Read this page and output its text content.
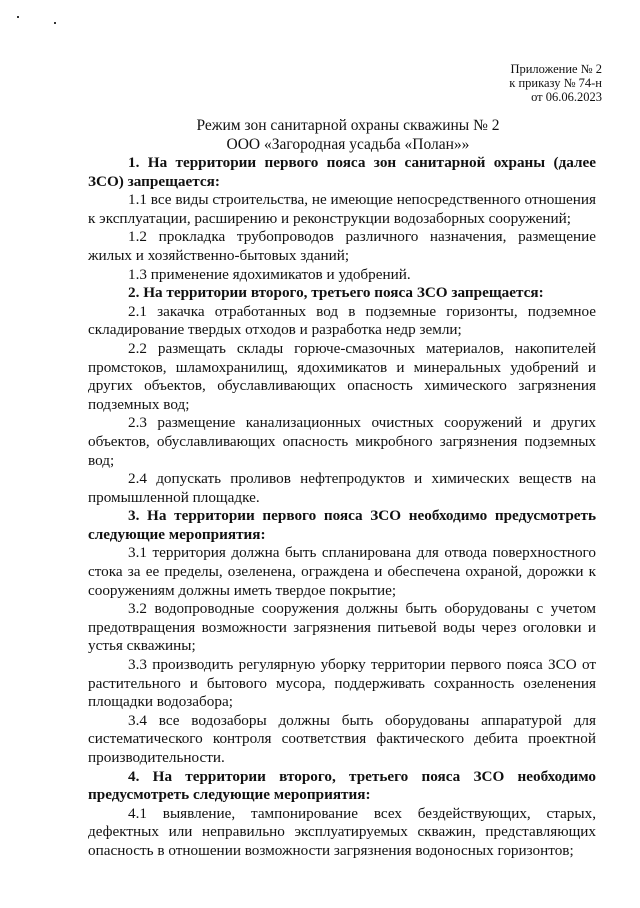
Приложение № 2
к приказу № 74-н
от 06.06.2023
Режим зон санитарной охраны скважины № 2
ООО «Загородная усадьба «Полан»»

1. На территории первого пояса зон санитарной охраны (далее ЗСО) запрещается:

1.1 все виды строительства, не имеющие непосредственного отношения к эксплуатации, расширению и реконструкции водозаборных сооружений;

1.2 прокладка трубопроводов различного назначения, размещение жилых и хозяйственно-бытовых зданий;

1.3 применение ядохимикатов и удобрений.

2. На территории второго, третьего пояса ЗСО запрещается:

2.1 закачка отработанных вод в подземные горизонты, подземное складирование твердых отходов и разработка недр земли;

2.2 размещать склады горюче-смазочных материалов, накопителей промстоков, шламохранилищ, ядохимикатов и минеральных удобрений и других объектов, обуславливающих опасность химического загрязнения подземных вод;

2.3 размещение канализационных очистных сооружений и других объектов, обуславливающих опасность микробного загрязнения подземных вод;

2.4 допускать проливов нефтепродуктов и химических веществ на промышленной площадке.

3. На территории первого пояса ЗСО необходимо предусмотреть следующие мероприятия:

3.1 территория должна быть спланирована для отвода поверхностного стока за ее пределы, озеленена, ограждена и обеспечена охраной, дорожки к сооружениям должны иметь твердое покрытие;

3.2 водопроводные сооружения должны быть оборудованы с учетом предотвращения возможности загрязнения питьевой воды через оголовки и устья скважины;

3.3 производить регулярную уборку территории первого пояса ЗСО от растительного и бытового мусора, поддерживать сохранность озеленения площадки водозабора;

3.4 все водозаборы должны быть оборудованы аппаратурой для систематического контроля соответствия фактического дебита проектной производительности.

4. На территории второго, третьего пояса ЗСО необходимо предусмотреть следующие мероприятия:

4.1 выявление, тампонирование всех бездействующих, старых, дефектных или неправильно эксплуатируемых скважин, представляющих опасность в отношении возможности загрязнения водоносных горизонтов;
